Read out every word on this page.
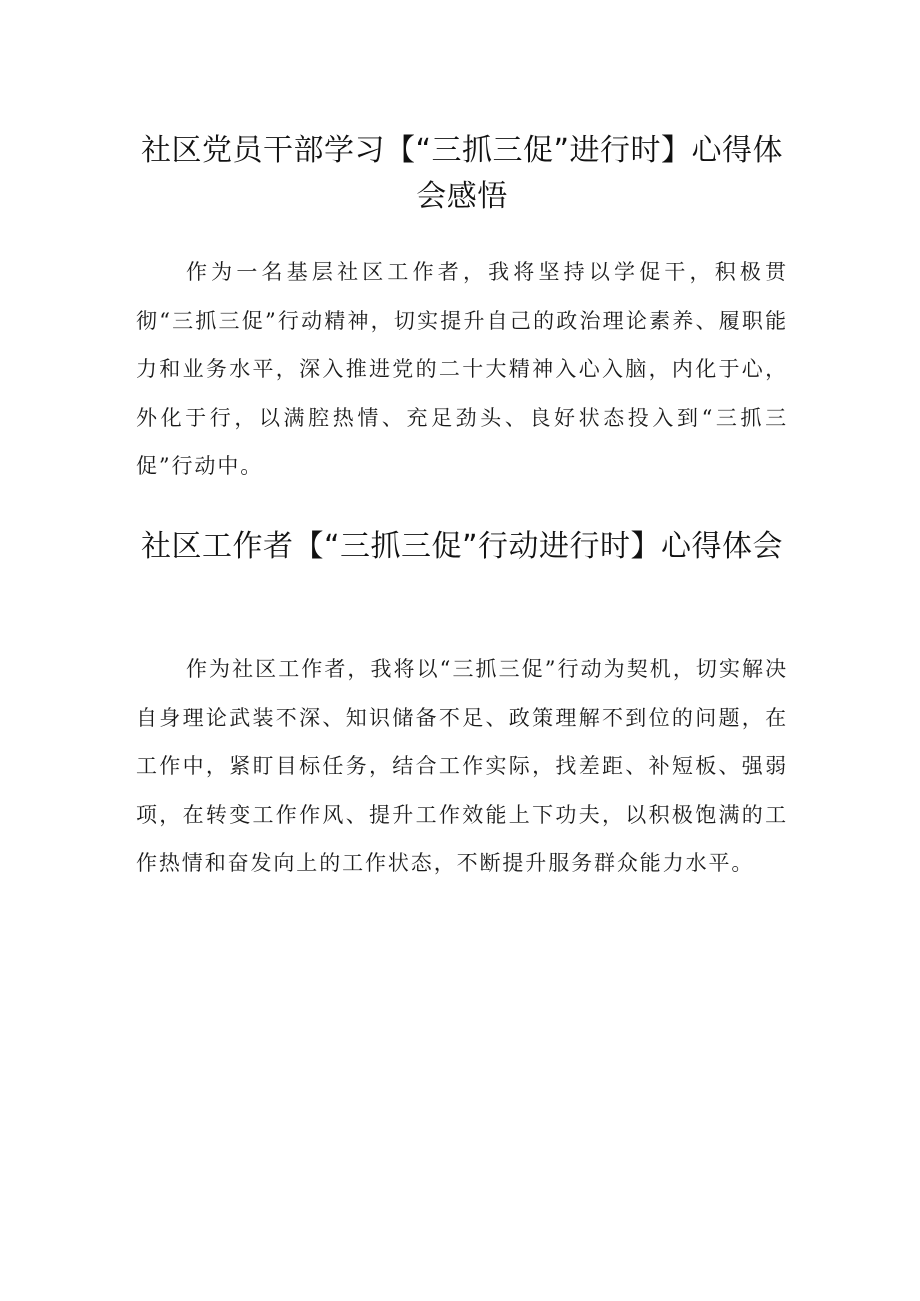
社区党员干部学习【“三抓三促”进行时】心得体会感悟

作为一名基层社区工作者，我将坚持以学促干，积极贯彻“三抓三促”行动精神，切实提升自己的政治理论素养、履职能力和业务水平，深入推进党的二十大精神入心入脑，内化于心，外化于行，以满腔热情、充足劲头、良好状态投入到“三抓三促”行动中。

社区工作者【“三抓三促”行动进行时】心得体会

作为社区工作者，我将以“三抓三促”行动为契机，切实解决自身理论武装不深、知识储备不足、政策理解不到位的问题，在工作中，紧盯目标任务，结合工作实际，找差距、补短板、强弱项，在转变工作作风、提升工作效能上下功夫，以积极饱满的工作热情和奋发向上的工作状态，不断提升服务群众能力水平。
